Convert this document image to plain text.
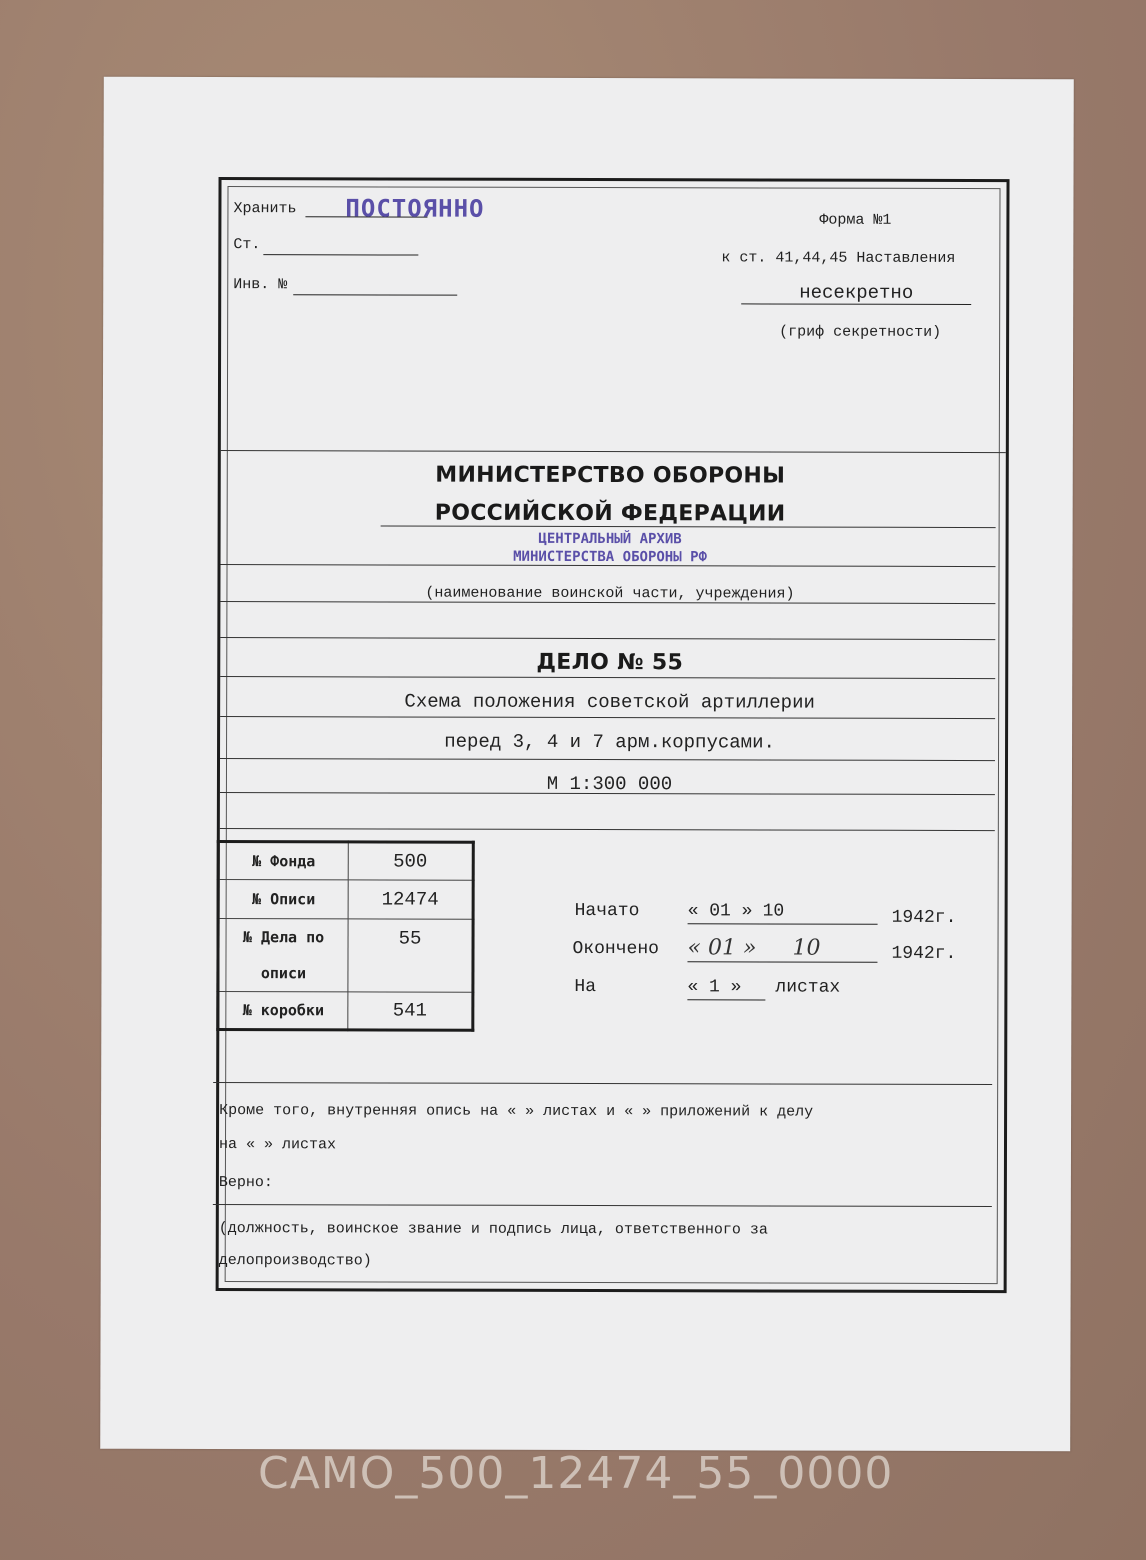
Хранить ПОСТОЯННО
Ст.
Инв. №
Форма №1
к ст. 41,44,45 Наставления
несекретно
(гриф секретности)
МИНИСТЕРСТВО ОБОРОНЫ
РОССИЙСКОЙ ФЕДЕРАЦИИ
ЦЕНТРАЛЬНЫЙ АРХИВ
МИНИСТЕРСТВА ОБОРОНЫ РФ
(наименование воинской части, учреждения)
ДЕЛО № 55
Схема положения советской артиллерии
перед 3, 4 и 7 арм.корпусами.
М 1:300 000
№ Фонда	500
№ Описи	12474
№ Дела по описи	55
№ коробки	541
Начато	« 01 » 10	1942г.
Окончено « 01 » 10	1942г.
На	« 1 » листах
Кроме того, внутренняя опись на « » листах и « » приложений к делу
на « » листах
Верно:
(должность, воинское звание и подпись лица, ответственного за
делопроизводство)
CAMO_500_12474_55_0000
